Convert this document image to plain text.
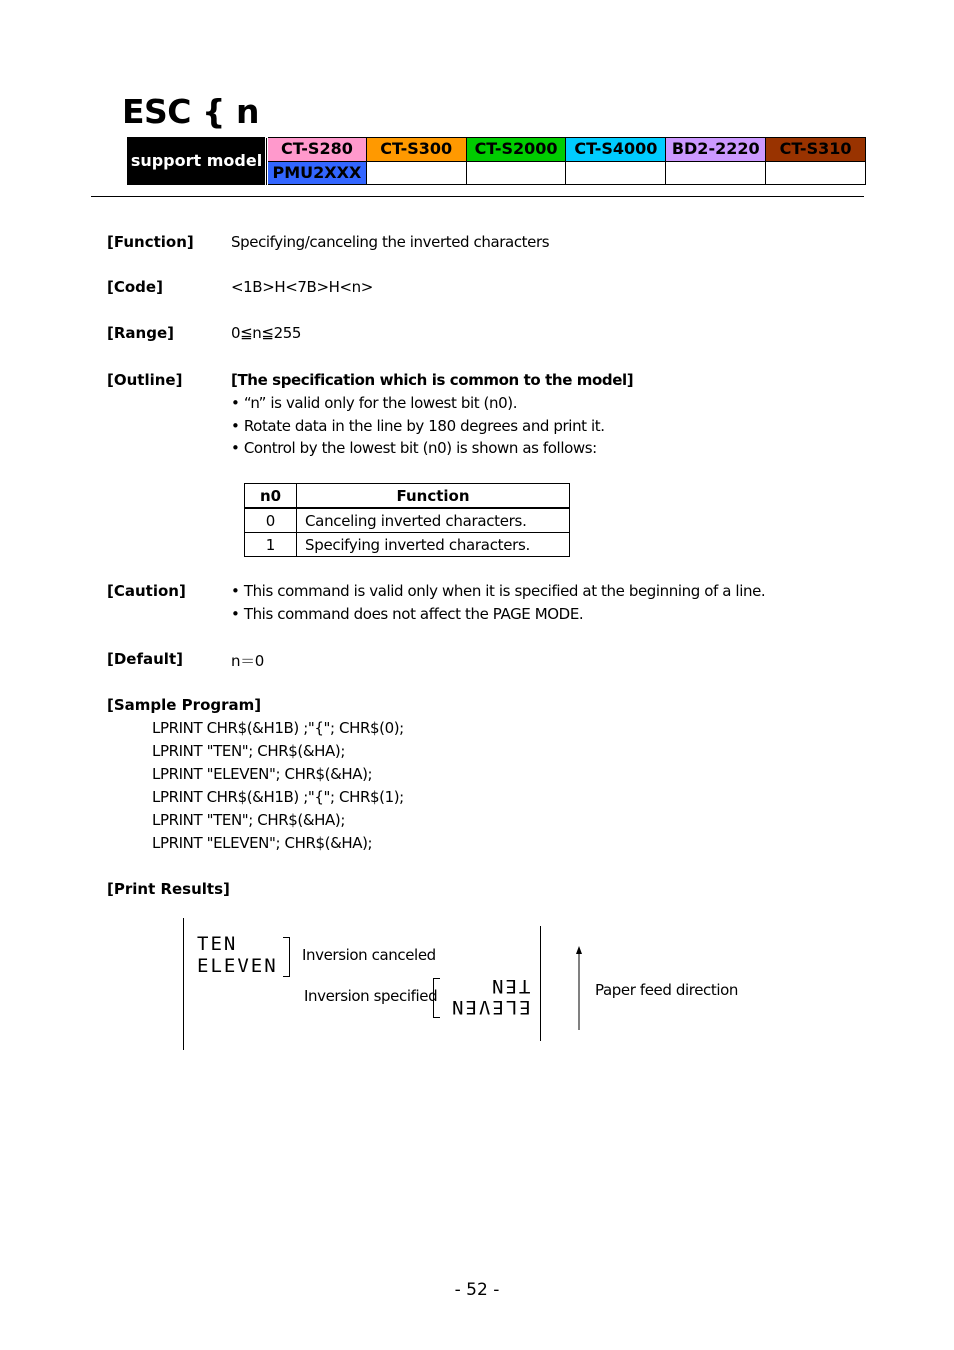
ESC { n
support model	CT-S280	CT-S300	CT-S2000	CT-S4000	BD2-2220	CT-S310
	PMU2XXX					
[Function] Specifying/canceling the inverted characters
[Code]	<1B>H<7B>H<n>
[Range]	0≦n≦255
[Outline]	[The specification which is common to the model]
• “n” is valid only for the lowest bit (n0).
• Rotate data in the line by 180 degrees and print it.
• Control by the lowest bit (n0) is shown as follows:
n0	Function
0	Canceling inverted characters.
1	Specifying inverted characters.
[Caution]	• This command is valid only when it is specified at the beginning of a line.
• This command does not affect the PAGE MODE.
[Default]	n＝0
[Sample Program]
LPRINT CHR$(&H1B) ;"{"; CHR$(0);
LPRINT "TEN"; CHR$(&HA);
LPRINT "ELEVEN"; CHR$(&HA);
LPRINT CHR$(&H1B) ;"{"; CHR$(1);
LPRINT "TEN"; CHR$(&HA);
LPRINT "ELEVEN"; CHR$(&HA);
[Print Results]
TEN
ELEVEN Inversion canceled
Inversion specified	TEN
ELEVEN
Paper feed direction
- 52 -
